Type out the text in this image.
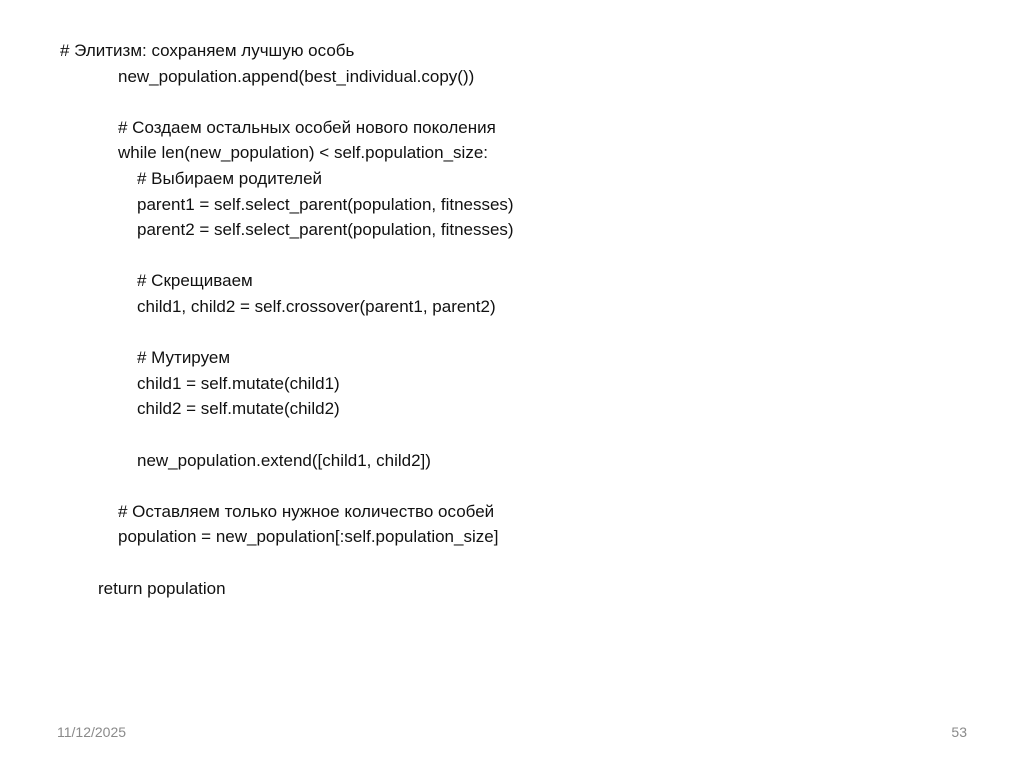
# Элитизм: сохраняем лучшую особь
new_population.append(best_individual.copy())
# Создаем остальных особей нового поколения
while len(new_population) < self.population_size:
# Выбираем родителей
parent1 = self.select_parent(population, fitnesses)
parent2 = self.select_parent(population, fitnesses)
# Скрещиваем
child1, child2 = self.crossover(parent1, parent2)
# Мутируем
child1 = self.mutate(child1)
child2 = self.mutate(child2)
new_population.extend([child1, child2])
# Оставляем только нужное количество особей
population = new_population[:self.population_size]
return population
11/12/2025	53
